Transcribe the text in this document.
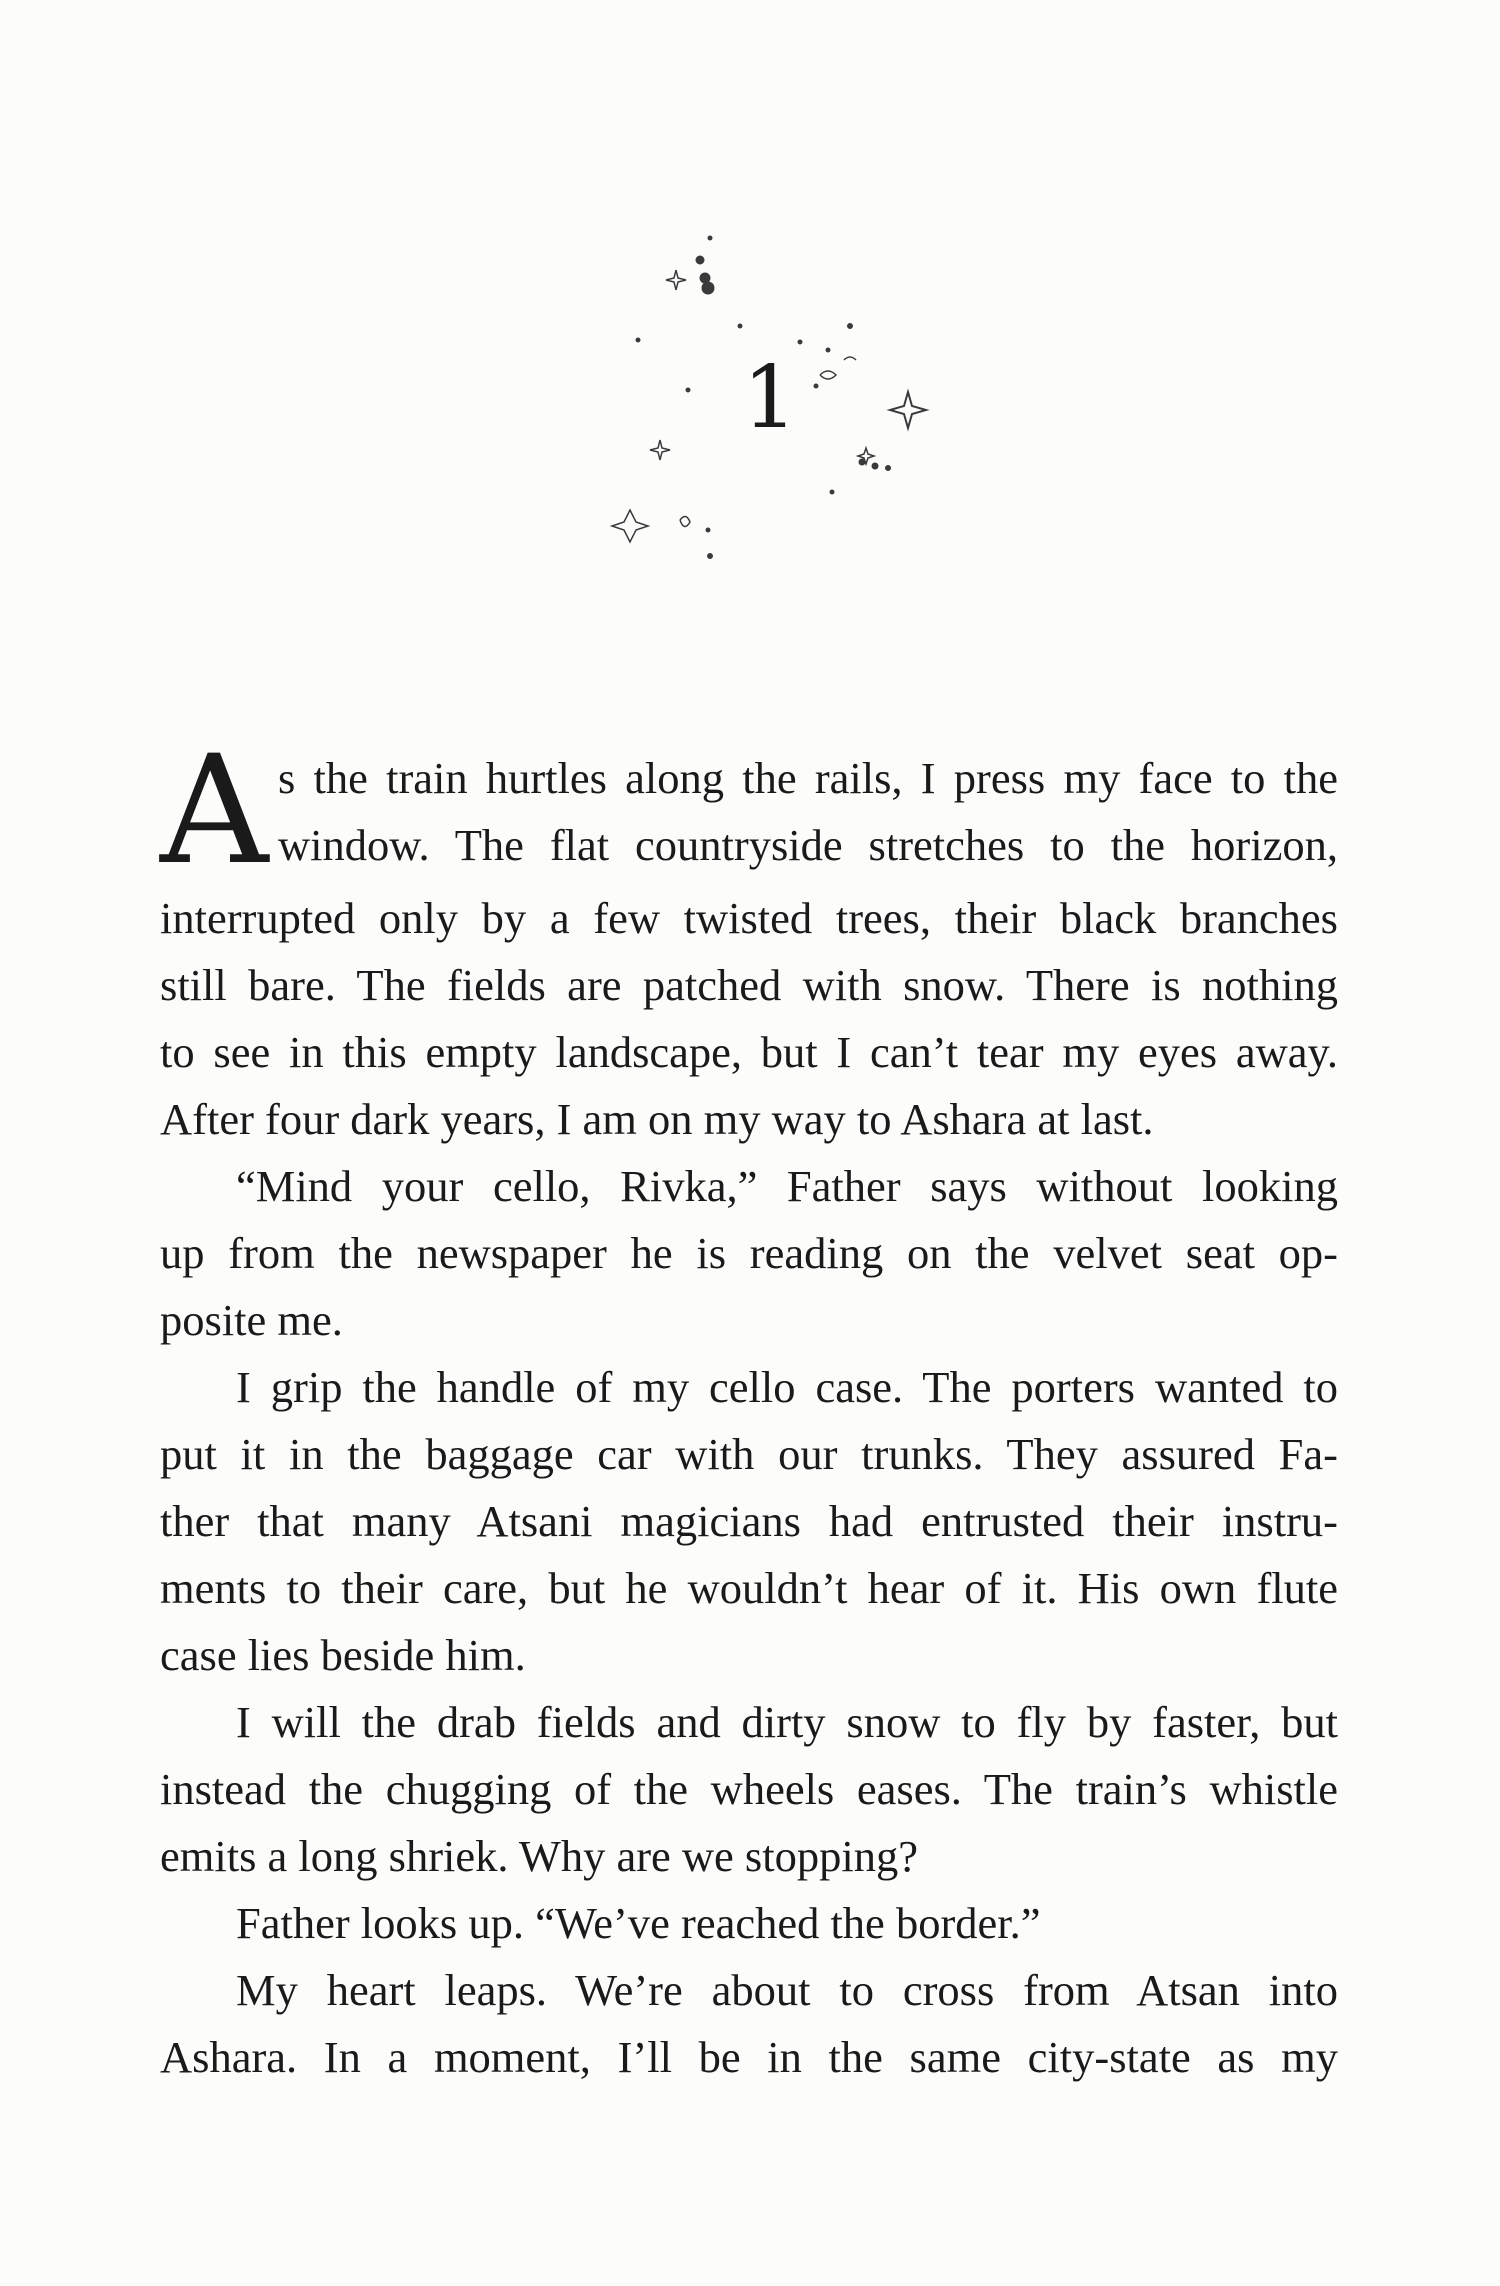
1
A s the train hurtles along the rails, I press my face to the
window. The flat countryside stretches to the horizon,
interrupted only by a few twisted trees, their black branches
still bare. The fields are patched with snow. There is nothing
to see in this empty landscape, but I can’t tear my eyes away.
After four dark years, I am on my way to Ashara at last.
“Mind your cello, Rivka,” Father says without looking
up from the newspaper he is reading on the velvet seat op-
posite me.
I grip the handle of my cello case. The porters wanted to
put it in the baggage car with our trunks. They assured Fa-
ther that many Atsani magicians had entrusted their instru-
ments to their care, but he wouldn’t hear of it. His own flute
case lies beside him.
I will the drab fields and dirty snow to fly by faster, but
instead the chugging of the wheels eases. The train’s whistle
emits a long shriek. Why are we stopping?
Father looks up. “We’ve reached the border.”
My heart leaps. We’re about to cross from Atsan into
Ashara. In a moment, I’ll be in the same city-state as my
